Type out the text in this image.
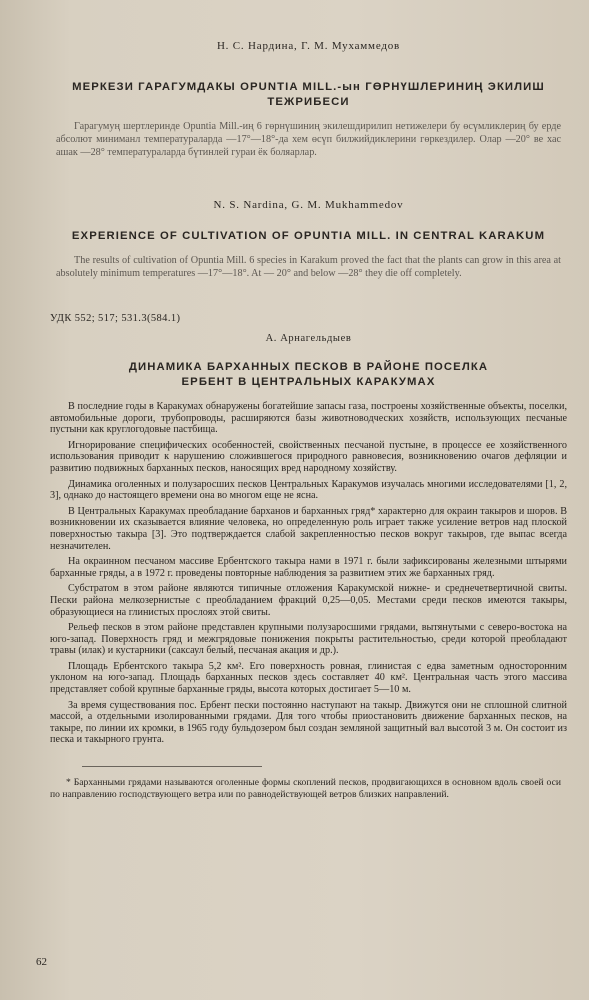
Н. С. Нардина, Г. М. Мухаммедов
МЕРКЕЗИ ГАРАГУМДАКЫ OPUNTIA MILL.-ын ГӨРНҮШЛЕРИНИҢ ЭКИЛИШ
ТЕЖРИБЕСИ

Гарагумуң шертлеринде Opuntia Mill.-иң 6 гөрнүшиниң экилешдирилип нетижелери бу өсүмликлериң бу ерде абсолют миниманл температураларда —17°—18°-да хем өсүп билжийдиклерини гөркездилер. Олар —20° ве хас ашак —28° температураларда бүтинлей гураи ёк боляарлар.

N. S. Nardina, G. M. Mukhammedov
EXPERIENCE OF CULTIVATION OF OPUNTIA MILL. IN CENTRAL KARAKUM

The results of cultivation of Opuntia Mill. 6 species in Karakum proved the fact that the plants can grow in this area at absolutely minimum temperatures —17°—18°. At — 20° and below —28° they die off completely.

УДК 552; 517; 531.3(584.1)
А. Арнагельдыев
ДИНАМИКА БАРХАННЫХ ПЕСКОВ В РАЙОНЕ ПОСЕЛКА
ЕРБЕНТ В ЦЕНТРАЛЬНЫХ КАРАКУМАХ

В последние годы в Каракумах обнаружены богатейшие запасы газа, построены хозяйственные объекты, поселки, автомобильные дороги, трубопроводы, расширяются базы животноводческих хозяйств, использующих песчаные пустыни как круглогодовые пастбища.

Игнорирование специфических особенностей, свойственных песчаной пустыне, в процессе ее хозяйственного использования приводит к нарушению сложившегося природного равновесия, возникновению очагов дефляции и развитию подвижных барханных песков, наносящих вред народному хозяйству.

Динамика оголенных и полузаросших песков Центральных Каракумов изучалась многими исследователями [1, 2, 3], однако до настоящего времени она во многом еще не ясна.

В Центральных Каракумах преобладание барханов и барханных гряд* характерно для окраин такыров и шоров. В возникновении их сказывается влияние человека, но определенную роль играет также усиление ветров над плоской поверхностью такыра [3]. Это подтверждается слабой закрепленностью песков вокруг такыров, где выпас всегда незначителен.

На окраинном песчаном массиве Ербентского такыра нами в 1971 г. были зафиксированы железными штырями барханные гряды, а в 1972 г. проведены повторные наблюдения за развитием этих же барханных гряд.

Субстратом в этом районе являются типичные отложения Каракумской нижне- и среднечетвертичной свиты. Пески района мелкозернистые с преобладанием фракций 0,25—0,05. Местами среди песков имеются такыры, образующиеся на глинистых прослоях этой свиты.

Рельеф песков в этом районе представлен крупными полузаросшими грядами, вытянутыми с северо-востока на юго-запад. Поверхность гряд и межгрядовые понижения покрыты растительностью, среди которой преобладают травы (илак) и кустарники (саксаул белый, песчаная акация и др.).

Площадь Ербентского такыра 5,2 км². Его поверхность ровная, глинистая с едва заметным односторонним уклоном на юго-запад. Площадь барханных песков здесь составляет 40 км². Центральная часть этого массива представляет собой крупные барханные гряды, высота которых достигает 5—10 м.

За время существования пос. Ербент пески постоянно наступают на такыр. Движутся они не сплошной слитной массой, а отдельными изолированными грядами. Для того чтобы приостановить движение барханных песков, на такыре, по линии их кромки, в 1965 году бульдозером был создан земляной защитный вал высотой 3 м. Он состоит из песка и такырного грунта.

* Барханными грядами называются оголенные формы скоплений песков, продвигающихся в основном вдоль своей оси по направлению господствующего ветра или по равнодействующей ветров близких направлений.

62
